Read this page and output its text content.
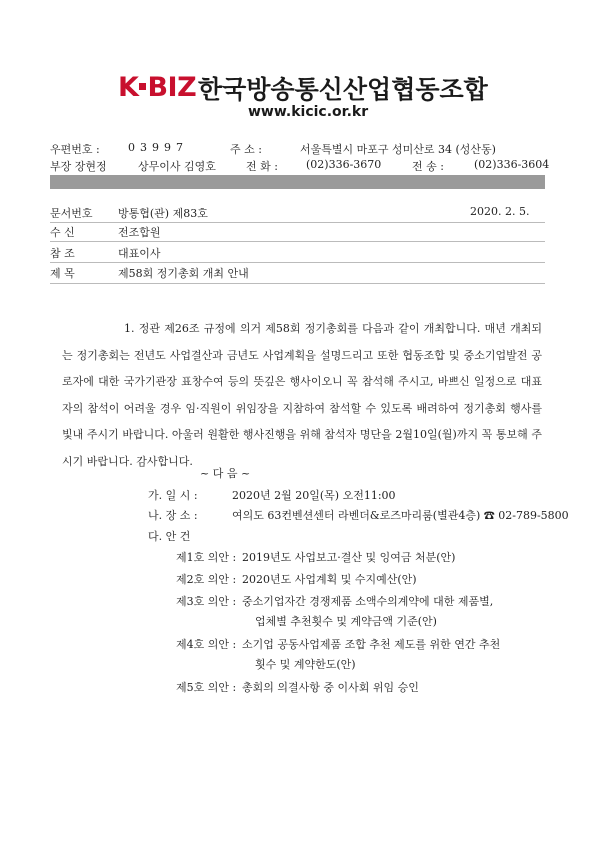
K BIZ 한국방송통신산업협동조합
www.kicic.or.kr
우편번호 :	03997	주 소 :	서울특별시 마포구 성미산로 34 (성산동)
부장 장현정	상무이사 김영호	전 화 :	(02)336-3670	전 송 :	(02)336-3604
문서번호 방통협(관) 제83호	2020. 2. 5.
수 신	전조합원
참 조	대표이사
제 목	제58회 정기총회 개최 안내
1. 정관 제26조 규정에 의거 제58회 정기총회를 다음과 같이 개최합니다. 매년 개최되는 정기총회는 전년도 사업결산과 금년도 사업계획을 설명드리고 또한 협동조합 및 중소기업발전 공로자에 대한 국가기관장 표창수여 등의 뜻깊은 행사이오니 꼭 참석해 주시고, 바쁘신 일정으로 대표자의 참석이 어려울 경우 임·직원이 위임장을 지참하여 참석할 수 있도록 배려하여 정기총회 행사를 빛내 주시기 바랍니다. 아울러 원활한 행사진행을 위해 참석자 명단을 2월10일(월)까지 꼭 통보해 주시기 바랍니다. 감사합니다.
~ 다 음 ~
가. 일 시 :	2020년 2월 20일(목) 오전11:00
나. 장 소 :	여의도 63컨벤션센터 라벤더&로즈마리룸(별관4층) ☎ 02-789-5800
다. 안 건
제1호 의안 : 2019년도 사업보고·결산 및 잉여금 처분(안)
제2호 의안 : 2020년도 사업계획 및 수지예산(안)
제3호 의안 : 중소기업자간 경쟁제품 소액수의계약에 대한 제품별,
업체별 추천횟수 및 계약금액 기준(안)
제4호 의안 : 소기업 공동사업제품 조합 추천 제도를 위한 연간 추천
횟수 및 계약한도(안)
제5호 의안 : 총회의 의결사항 중 이사회 위임 승인
